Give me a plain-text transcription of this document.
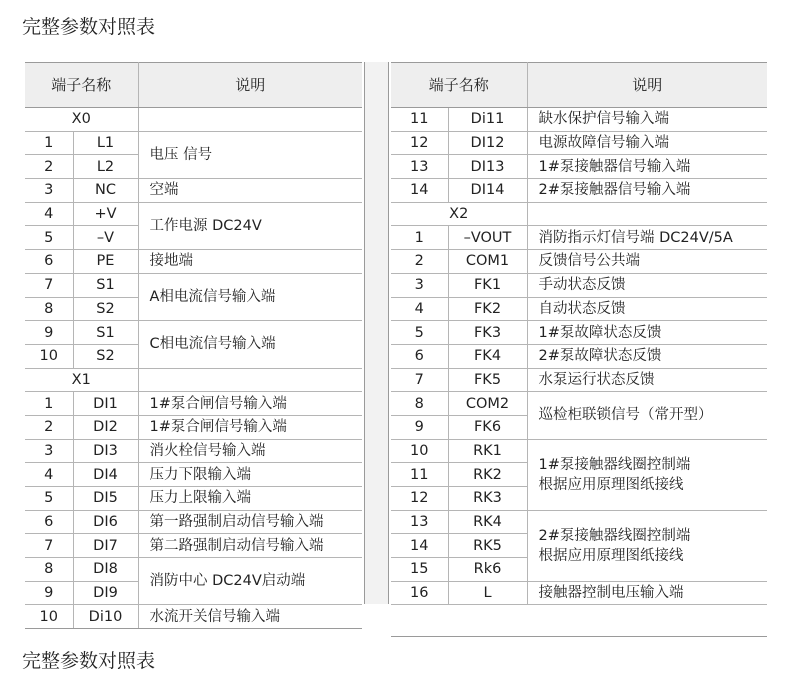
完整参数对照表
端子名称		说明
X0		
1	L1	电压 信号
2	L2	
3	NC	空端
4	+V	工作电源 DC24V
5	–V	
6	PE	接地端
7	S1	A相电流信号输入端
8	S2	
9	S1	C相电流信号输入端
10	S2	
X1		
1	DI1	1#泵合闸信号输入端
2	DI2	1#泵合闸信号输入端
3	DI3	消火栓信号输入端
4	DI4	压力下限输入端
5	DI5	压力上限输入端
6	DI6	第一路强制启动信号输入端
7	DI7	第二路强制启动信号输入端
8	DI8	消防中心 DC24V启动端
9	DI9	
10	Di10	水流开关信号输入端
端子名称		说明
11	Di11	缺水保护信号输入端
12	DI12	电源故障信号输入端
13	DI13	1#泵接触器信号输入端
14	DI14	2#泵接触器信号输入端
X2		
1	–VOUT	消防指示灯信号端 DC24V/5A
2	COM1	反馈信号公共端
3	FK1	手动状态反馈
4	FK2	自动状态反馈
5	FK3	1#泵故障状态反馈
6	FK4	2#泵故障状态反馈
7	FK5	水泵运行状态反馈
8	COM2	巡检柜联锁信号（常开型）
9	FK6	
10	RK1	1#泵接触器线圈控制端
根据应用原理图纸接线

11	RK2	
12	RK3	
13	RK4	2#泵接触器线圈控制端
根据应用原理图纸接线

14	RK5	
15	Rk6	
16	L	接触器控制电压输入端

完整参数对照表
